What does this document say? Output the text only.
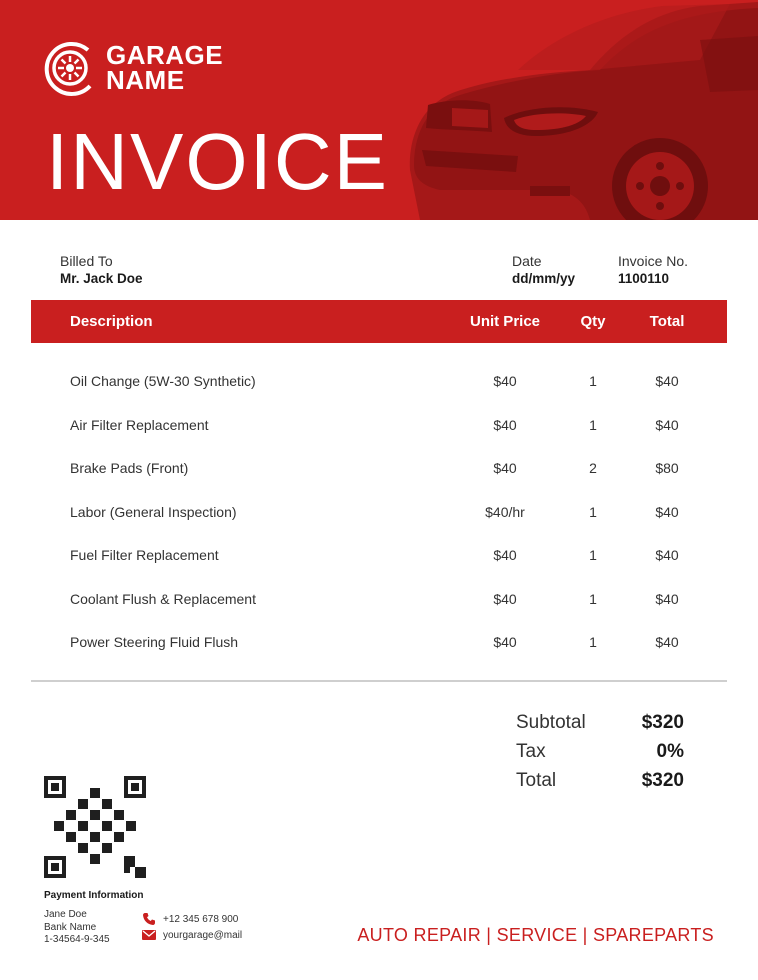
GARAGE
NAME
INVOICE
Billed To
Mr. Jack Doe
Date
dd/mm/yy
Invoice No.
1100110
Description	Unit Price	Qty	Total
Oil Change (5W-30 Synthetic)	$40	1	$40
Air Filter Replacement	$40	1	$40
Brake Pads (Front)	$40	2	$80
Labor (General Inspection)	$40/hr	1	$40
Fuel Filter Replacement	$40	1	$40
Coolant Flush & Replacement	$40	1	$40
Power Steering Fluid Flush	$40	1	$40
Subtotal	$320
Tax	0%
Total	$320
Payment Information
Jane Doe
Bank Name
1-34564-9-345
+12 345 678 900
yourgarage@mail	AUTO REPAIR | SERVICE | SPAREPARTS
